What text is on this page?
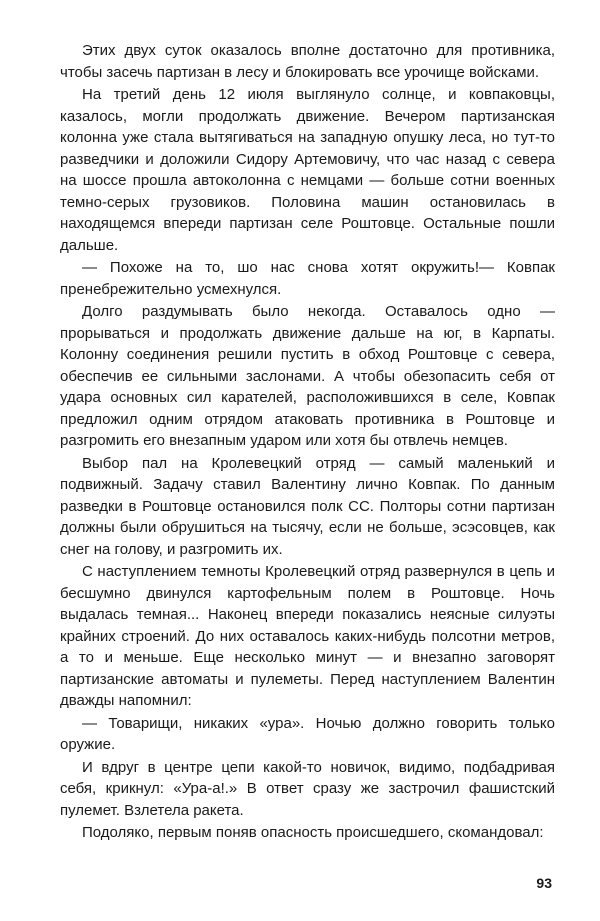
Этих двух суток оказалось вполне достаточно для противника, чтобы засечь партизан в лесу и блокировать все урочище войсками.

На третий день 12 июля выглянуло солнце, и ковпаковцы, казалось, могли продолжать движение. Вечером партизанская колонна уже стала вытягиваться на западную опушку леса, но тут-то разведчики и доложили Сидору Артемовичу, что час назад с севера на шоссе прошла автоколонна с немцами — больше сотни военных темно-серых грузовиков. Половина машин остановилась в находящемся впереди партизан селе Роштовце. Остальные пошли дальше.

— Похоже на то, шо нас снова хотят окружить!— Ковпак пренебрежительно усмехнулся.

Долго раздумывать было некогда. Оставалось одно — прорываться и продолжать движение дальше на юг, в Карпаты. Колонну соединения решили пустить в обход Роштовце с севера, обеспечив ее сильными заслонами. А чтобы обезопасить себя от удара основных сил карателей, расположившихся в селе, Ковпак предложил одним отрядом атаковать противника в Роштовце и разгромить его внезапным ударом или хотя бы отвлечь немцев.

Выбор пал на Кролевецкий отряд — самый маленький и подвижный. Задачу ставил Валентину лично Ковпак. По данным разведки в Роштовце остановился полк СС. Полторы сотни партизан должны были обрушиться на тысячу, если не больше, эсэсовцев, как снег на голову, и разгромить их.

С наступлением темноты Кролевецкий отряд развернулся в цепь и бесшумно двинулся картофельным полем в Роштовце. Ночь выдалась темная... Наконец впереди показались неясные силуэты крайних строений. До них оставалось каких-нибудь полсотни метров, а то и меньше. Еще несколько минут — и внезапно заговорят партизанские автоматы и пулеметы. Перед наступлением Валентин дважды напомнил:

— Товарищи, никаких «ура». Ночью должно говорить только оружие.

И вдруг в центре цепи какой-то новичок, видимо, подбадривая себя, крикнул: «Ура-а!.» В ответ сразу же застрочил фашистский пулемет. Взлетела ракета.

Подоляко, первым поняв опасность происшедшего, скомандовал:

93
